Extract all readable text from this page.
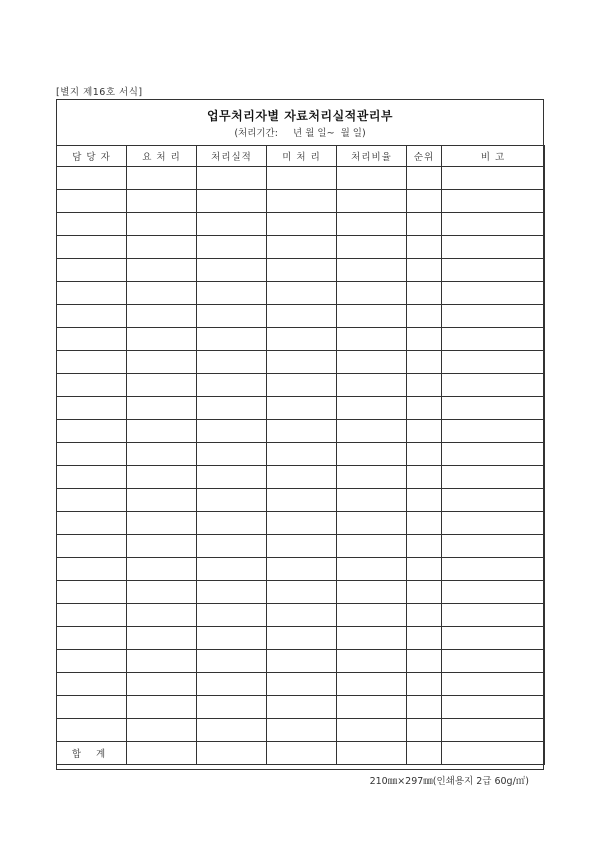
[별지 제16호 서식]
업무처리자별 자료처리실적관리부
(처리기간:     년 월 일~  월 일)
담 당 자	요 처 리	처리실적	미 처 리	처리비율	순위	비 고

합 계						
210㎜×297㎜(인쇄용지 2급 60g/㎡)
